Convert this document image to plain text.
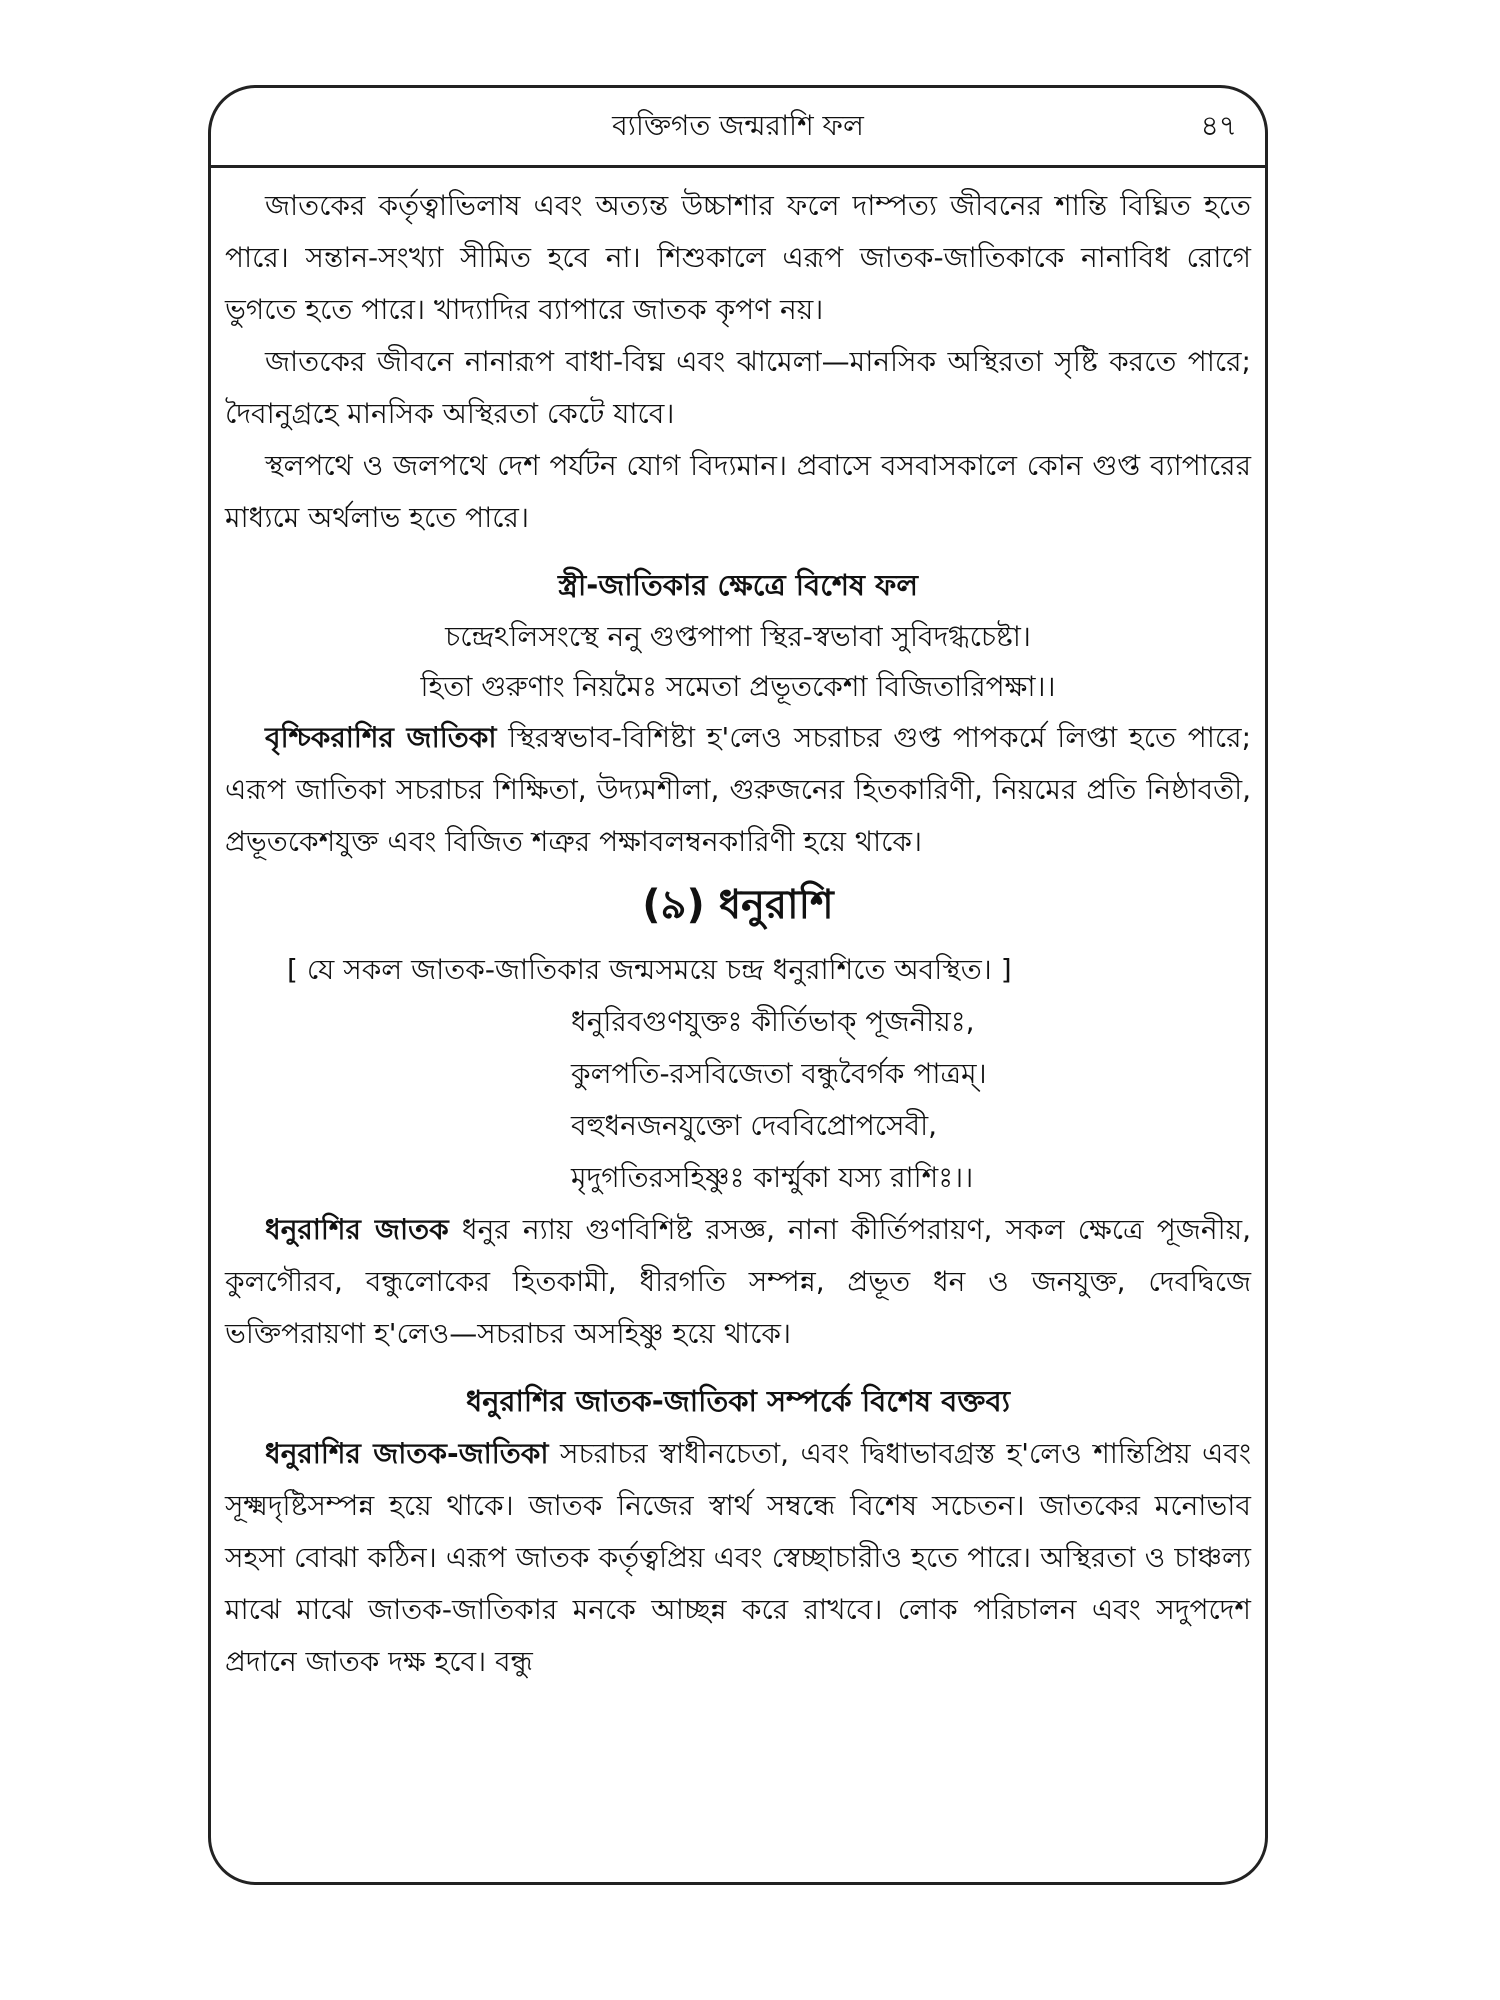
ব্যক্তিগত জন্মরাশি ফল	৪৭

জাতকের কর্তৃত্বাভিলাষ এবং অত্যন্ত উচ্চাশার ফলে দাম্পত্য জীবনের শান্তি বিঘ্নিত হতে পারে। সন্তান-সংখ্যা সীমিত হবে না। শিশুকালে এরূপ জাতক-জাতিকাকে নানাবিধ রোগে ভুগতে হতে পারে। খাদ্যাদির ব্যাপারে জাতক কৃপণ নয়।

জাতকের জীবনে নানারূপ বাধা-বিঘ্ন এবং ঝামেলা—মানসিক অস্থিরতা সৃষ্টি করতে পারে; দৈবানুগ্রহে মানসিক অস্থিরতা কেটে যাবে।

স্থলপথে ও জলপথে দেশ পর্যটন যোগ বিদ্যমান। প্রবাসে বসবাসকালে কোন গুপ্ত ব্যাপারের মাধ্যমে অর্থলাভ হতে পারে।

স্ত্রী-জাতিকার ক্ষেত্রে বিশেষ ফল

চন্দ্রেঽলিসংস্থে ননু গুপ্তপাপা স্থির-স্বভাবা সুবিদগ্ধচেষ্টা।

হিতা গুরুণাং নিয়মৈঃ সমেতা প্রভূতকেশা বিজিতারিপক্ষা।।

বৃশ্চিকরাশির জাতিকা স্থিরস্বভাব-বিশিষ্টা হ'লেও সচরাচর গুপ্ত পাপকর্মে লিপ্তা হতে পারে; এরূপ জাতিকা সচরাচর শিক্ষিতা, উদ্যমশীলা, গুরুজনের হিতকারিণী, নিয়মের প্রতি নিষ্ঠাবতী, প্রভূতকেশযুক্ত এবং বিজিত শত্রুর পক্ষাবলম্বনকারিণী হয়ে থাকে।

(৯) ধনুরাশি
[ যে সকল জাতক-জাতিকার জন্মসময়ে চন্দ্র ধনুরাশিতে অবস্থিত। ]

ধনুরিবগুণযুক্তঃ কীর্তিভাক্ পূজনীয়ঃ,

কুলপতি-রসবিজেতা বন্ধুবৈর্গক পাত্রম্।

বহুধনজনযুক্তো দেববিপ্রোপসেবী,

মৃদুগতিরসহিষ্ণুঃ কার্ম্মুকা যস্য রাশিঃ।।

ধনুরাশির জাতক ধনুর ন্যায় গুণবিশিষ্ট রসজ্ঞ, নানা কীর্তিপরায়ণ, সকল ক্ষেত্রে পূজনীয়, কুলগৌরব, বন্ধুলোকের হিতকামী, ধীরগতি সম্পন্ন, প্রভূত ধন ও জনযুক্ত, দেবদ্বিজে ভক্তিপরায়ণা হ'লেও—সচরাচর অসহিষ্ণু হয়ে থাকে।

ধনুরাশির জাতক-জাতিকা সম্পর্কে বিশেষ বক্তব্য

ধনুরাশির জাতক-জাতিকা সচরাচর স্বাধীনচেতা, এবং দ্বিধাভাবগ্রস্ত হ'লেও শান্তিপ্রিয় এবং সূক্ষ্মদৃষ্টিসম্পন্ন হয়ে থাকে। জাতক নিজের স্বার্থ সম্বন্ধে বিশেষ সচেতন। জাতকের মনোভাব সহসা বোঝা কঠিন। এরূপ জাতক কর্তৃত্বপ্রিয় এবং স্বেচ্ছাচারীও হতে পারে। অস্থিরতা ও চাঞ্চল্য মাঝে মাঝে জাতক-জাতিকার মনকে আচ্ছন্ন করে রাখবে। লোক পরিচালন এবং সদুপদেশ প্রদানে জাতক দক্ষ হবে। বন্ধু
